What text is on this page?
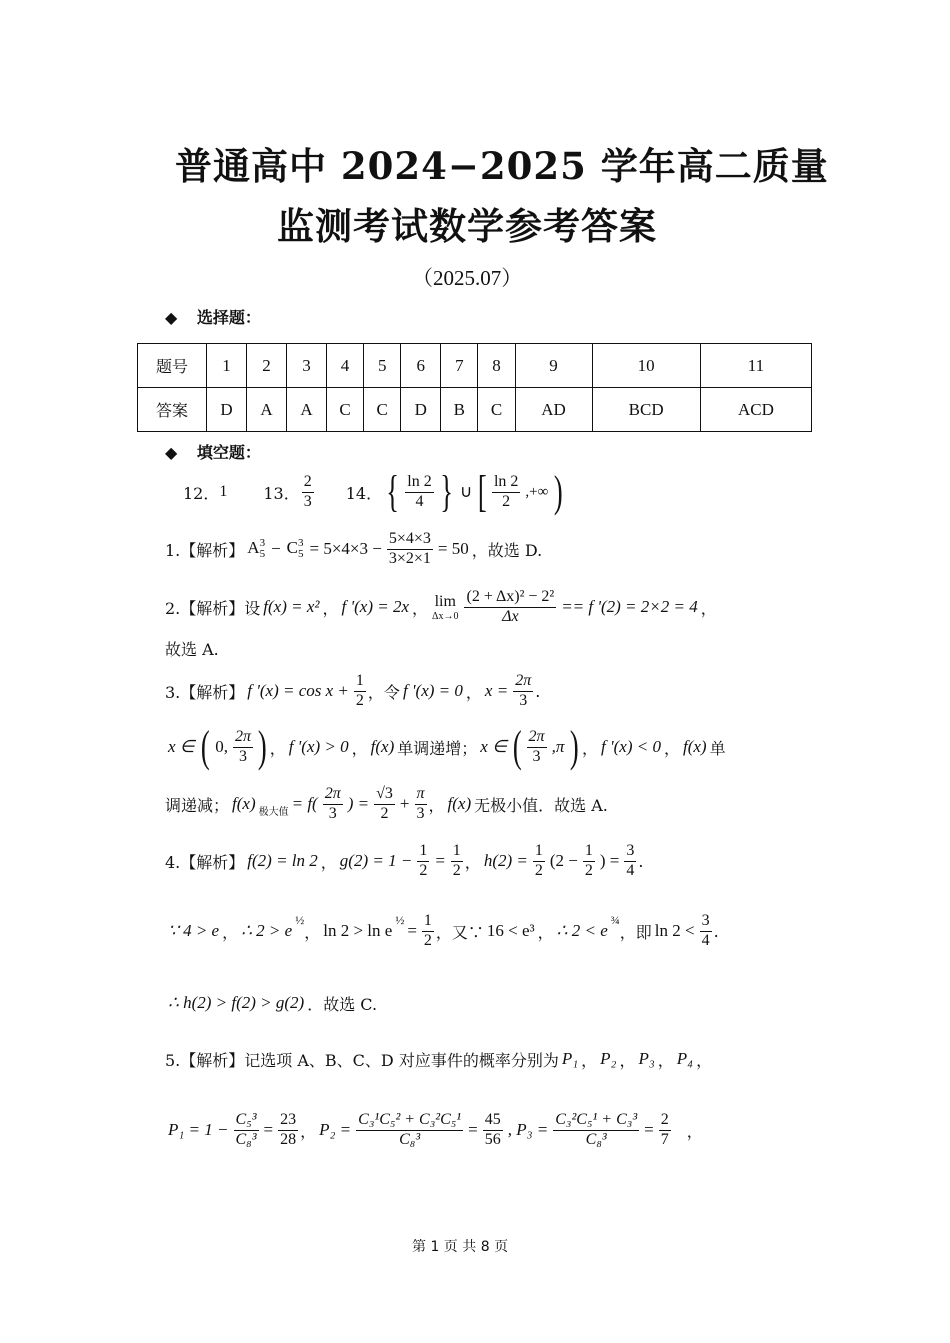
普通高中 2024−2025 学年高二质量
监测考试数学参考答案
（2025.07）
◆ 选择题：
题号	1	2	3	4	5	6	7	8	9	10	11
答案	D	A	A	C	C	D	B	C	AD	BCD	ACD
◆ 填空题：
12． 1 13． $\frac{2}{3} 14$． { $\frac{\ln 2}{4}$ } ∪ [ $\frac{\ln 2}{2}$ ,+∞ )
1.【解析】 A 3
5 − C 3
$5 = 5\times 4\times 3 - \frac{5\times 4\times 3}{3\times 2\times 1} = 50$ ，故选 D.
2.【解析】 设 f(x) = x² ， f '(x) = 2x ， lim
$\Delta x\to 0 \frac{\text{(2 + Δx)² − 2²}}{\Delta x} == f$ '(2) = 2×2 = 4 ，
故选 A.
3.【解析】 f '$(x) = \cos x + \frac{1}{2}$ ，令 f '(x) = 0 ， $x = \frac{2\pi}{3}$ .
x ∈ ( 0, $\frac{2\pi}{3}$ ) ， f '(x) > 0 ， f(x) 单调递增； x ∈ ( $\frac{2\pi}{3} ,\pi$ ) ， f '(x) < 0 ， f(x) 单
调递减； f(x) 极大值 = $f( \frac{2\pi}{3}$ ) = $\frac{√3}{2} + \frac{\pi}{3}$ ， f(x) 无极小值．故选 A.
4.【解析】 f(2) = ln 2 ， $g(2) = 1 - \frac{1}{2} = \frac{1}{2}$ ， $h(2) = \frac{1}{2} (2 - \frac{1}{2}$ ) = $\frac{3}{4}$ .
∵ 4 > e ， ∴ 2 > e
½
， ln 2 > ln e
½
= $\frac{1}{2}$ ，又∵ 16 < e³ ， ∴ 2 < e
¾
，即 $\ln 2 < \frac{3}{4}$ .
∴ h(2) > f(2) > g(2) ．故选 C.
5.【解析】 记选项 A、B、C、D 对应事件的概率分别为 P₁ ， P₂ ， P₃ ， P₄ ，
$P_1 = 1 - \frac{\text{C₅³}}{\text{C₈³}} = \frac{23}{28}$ ， $P_2 = \frac{\text{C₃¹C₅² + C₃²C₅¹}}{\text{C₈³}} = \frac{45}{56}$ , $P_3 = \frac{\text{C₃²C₅¹ + C₃³}}{\text{C₈³}} = \frac{2}{7}$ ，
第 1 页 共 8 页
